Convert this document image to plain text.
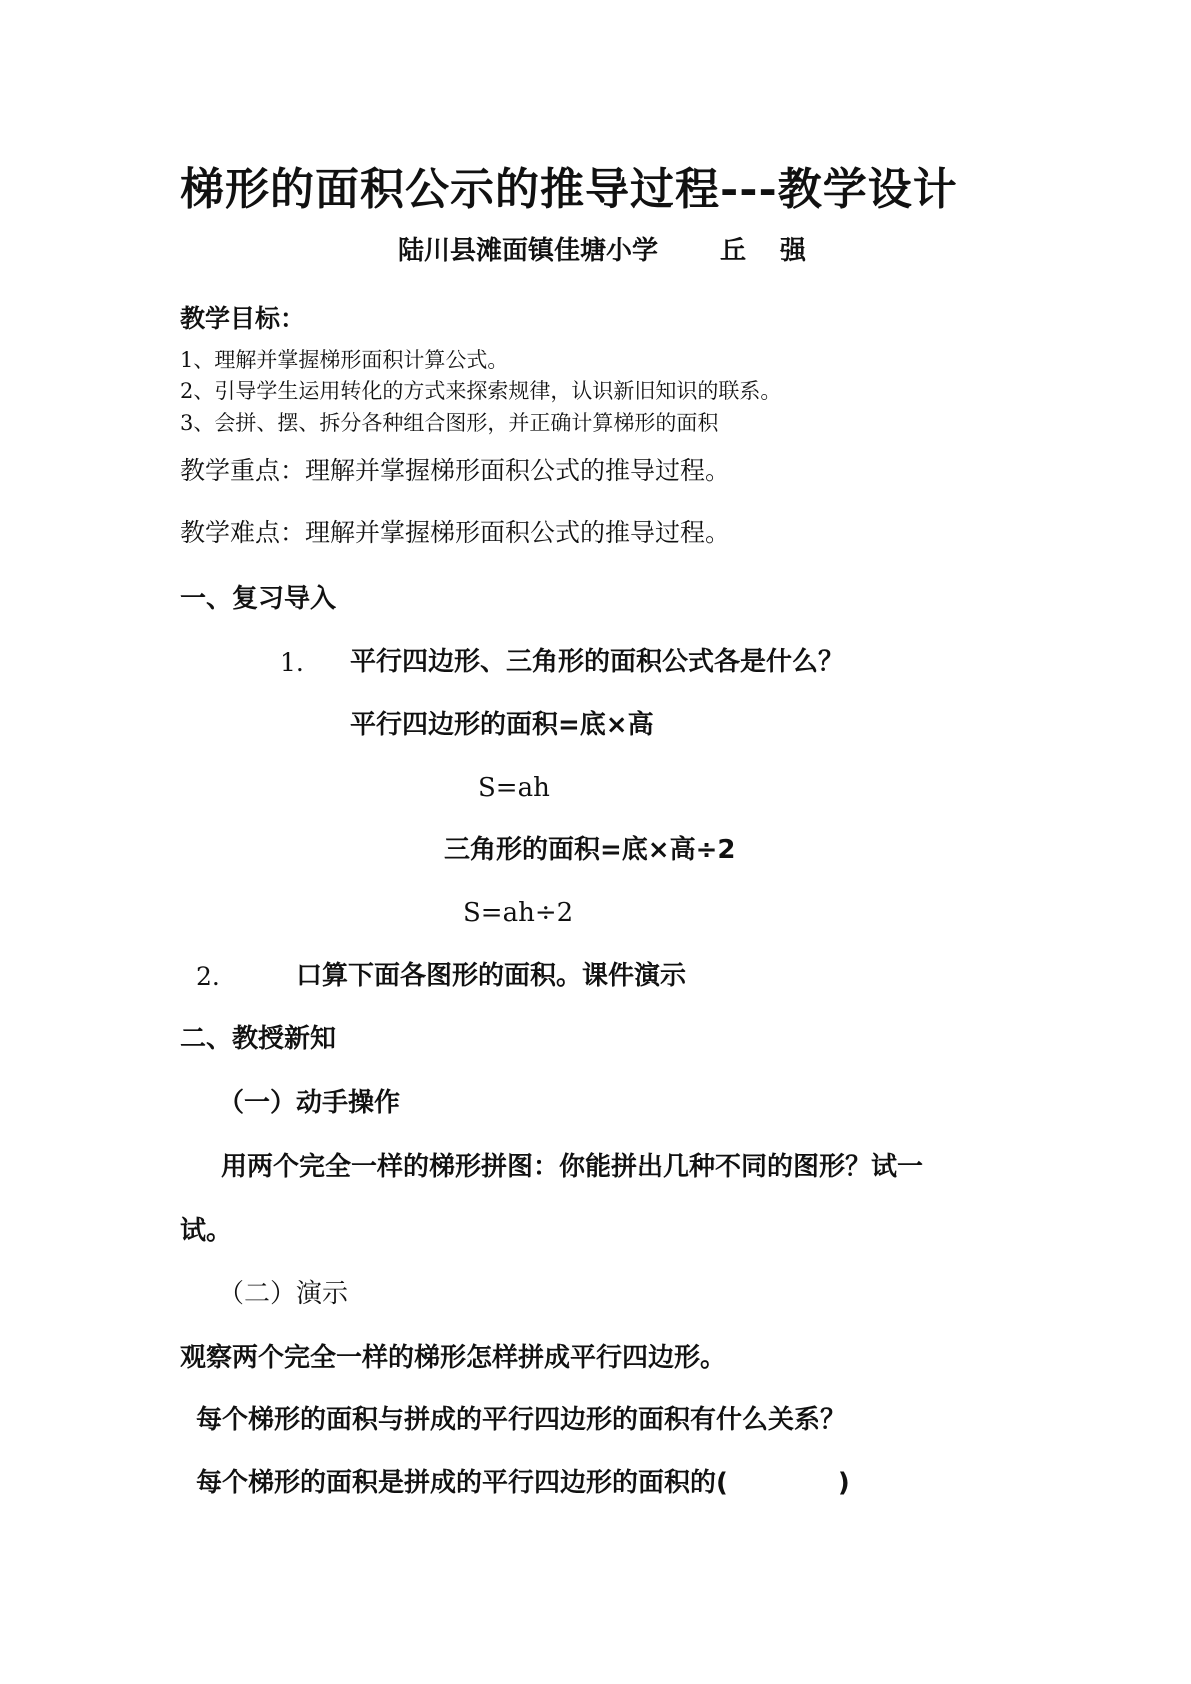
梯形的面积公示的推导过程---教学设计
陆川县滩面镇佳塘小学 丘强
教学目标：
1、理解并掌握梯形面积计算公式。
2、引导学生运用转化的方式来探索规律，认识新旧知识的联系。
3、会拼、摆、拆分各种组合图形，并正确计算梯形的面积
教学重点：理解并掌握梯形面积公式的推导过程。
教学难点：理解并掌握梯形面积公式的推导过程。
一、复习导入
1. 平行四边形、三角形的面积公式各是什么？
平行四边形的面积=底×高
S=ah
三角形的面积=底×高÷2
S=ah÷2
2.	口算下面各图形的面积。课件演示
二、教授新知
（一）动手操作
用两个完全一样的梯形拼图：你能拼出几种不同的图形？试一
试。
（二）演示
观察两个完全一样的梯形怎样拼成平行四边形。
每个梯形的面积与拼成的平行四边形的面积有什么关系？
每个梯形的面积是拼成的平行四边形的面积的(	)
